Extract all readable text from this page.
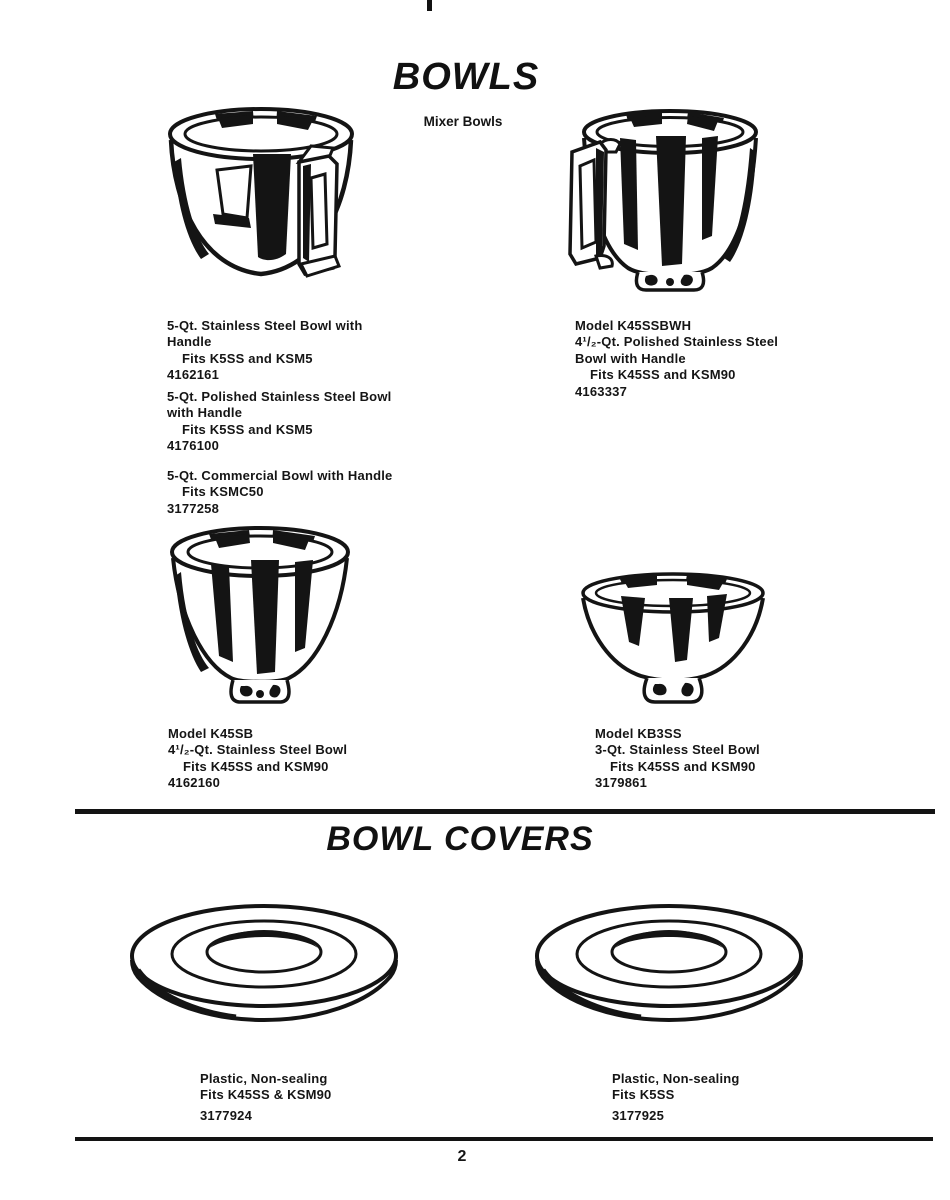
BOWLS
Mixer Bowls
5-Qt. Stainless Steel Bowl with
Handle
Fits K5SS and KSM5
4162161
5-Qt. Polished Stainless Steel Bowl
with Handle
Fits K5SS and KSM5
4176100
5-Qt. Commercial Bowl with Handle
Fits KSMC50
3177258
Model K45SSBWH
4¹/₂-Qt. Polished Stainless Steel
Bowl with Handle
Fits K45SS and KSM90
4163337
Model K45SB
4¹/₂-Qt. Stainless Steel Bowl
Fits K45SS and KSM90
4162160
Model KB3SS
3-Qt. Stainless Steel Bowl
Fits K45SS and KSM90
3179861
BOWL COVERS
Plastic, Non-sealing
Fits K45SS & KSM90
3177924
Plastic, Non-sealing
Fits K5SS
3177925
2
